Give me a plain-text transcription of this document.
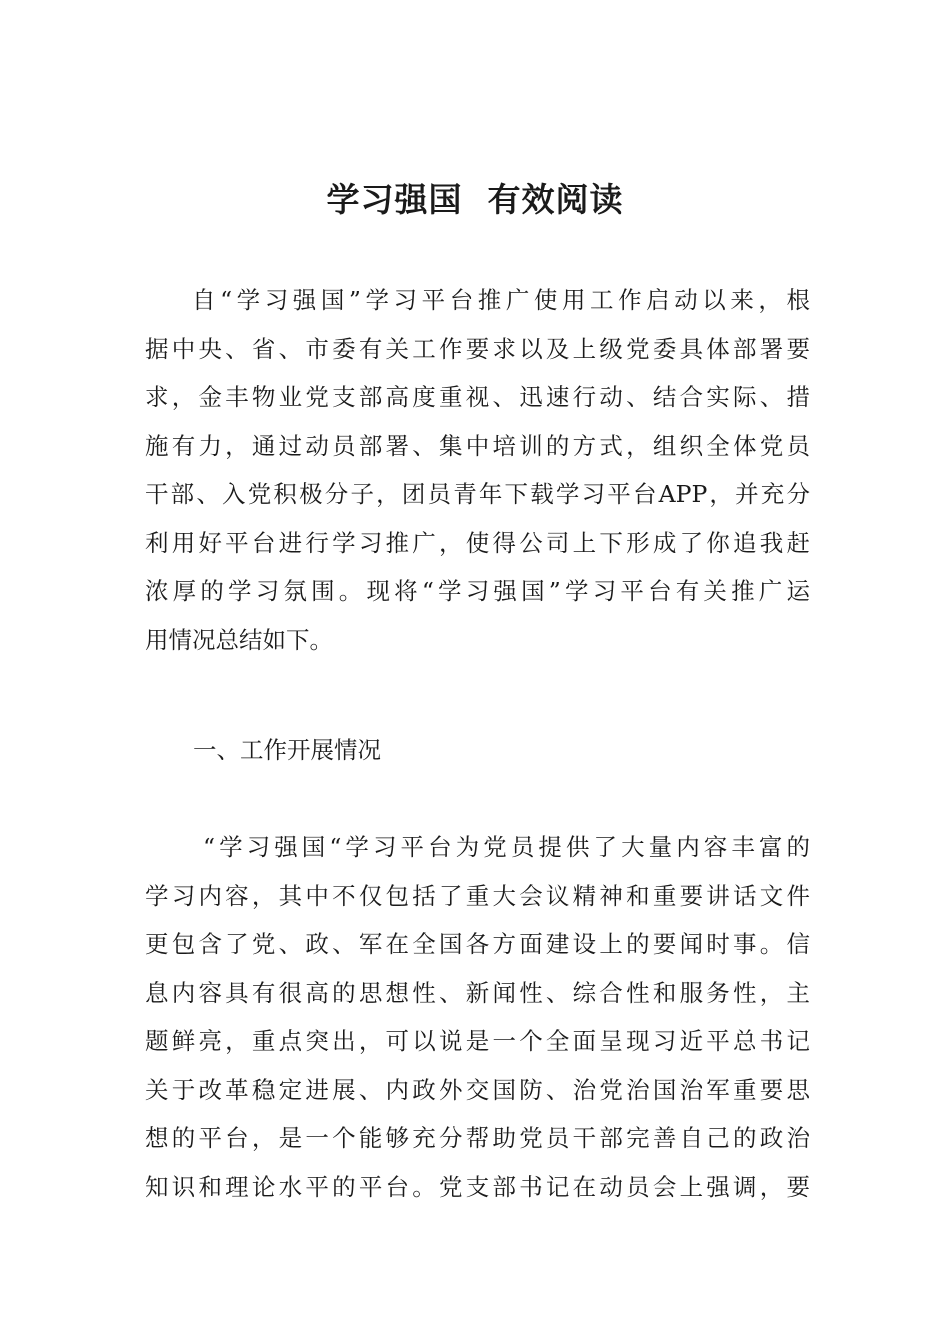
学习强国  有效阅读
自“学习强国”学习平台推广使用工作启动以来，根
据中央、省、市委有关工作要求以及上级党委具体部署要
求，金丰物业党支部高度重视、迅速行动、结合实际、措
施有力，通过动员部署、集中培训的方式，组织全体党员
干部、入党积极分子，团员青年下载学习平台APP，并充分
利用好平台进行学习推广，使得公司上下形成了你追我赶
浓厚的学习氛围。现将“学习强国”学习平台有关推广运
用情况总结如下。
一、工作开展情况
“学习强国“学习平台为党员提供了大量内容丰富的
学习内容，其中不仅包括了重大会议精神和重要讲话文件
更包含了党、政、军在全国各方面建设上的要闻时事。信
息内容具有很高的思想性、新闻性、综合性和服务性，主
题鲜亮，重点突出，可以说是一个全面呈现习近平总书记
关于改革稳定进展、内政外交国防、治党治国治军重要思
想的平台，是一个能够充分帮助党员干部完善自己的政治
知识和理论水平的平台。党支部书记在动员会上强调，要
